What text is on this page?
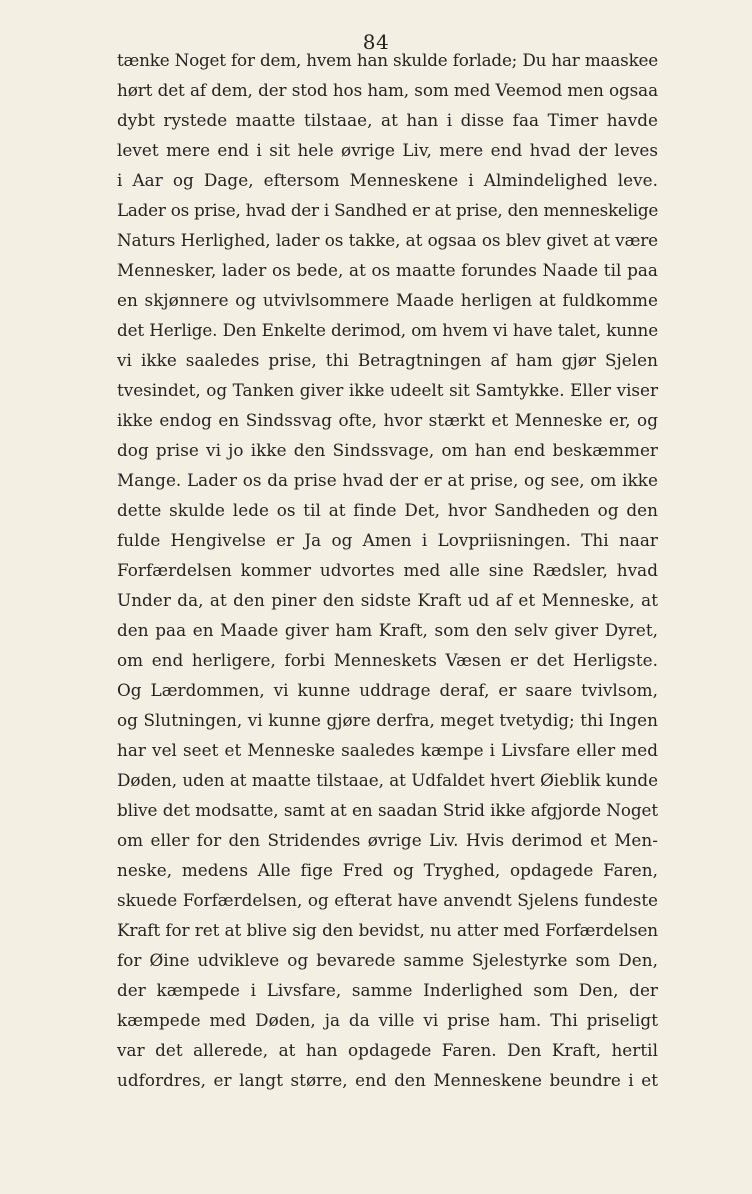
84
tænke Noget for dem, hvem han skulde forlade; Du har maaskee
hørt det af dem, der stod hos ham, som med Veemod men ogsaa
dybt rystede maatte tilstaae, at han i disse faa Timer havde
levet mere end i sit hele øvrige Liv, mere end hvad der leves
i Aar og Dage, eftersom Menneskene i Almindelighed leve.
Lader os prise, hvad der i Sandhed er at prise, den menneskelige
Naturs Herlighed, lader os takke, at ogsaa os blev givet at være
Mennesker, lader os bede, at os maatte forundes Naade til paa
en skjønnere og utvivlsommere Maade herligen at fuldkomme
det Herlige. Den Enkelte derimod, om hvem vi have talet, kunne
vi ikke saaledes prise, thi Betragtningen af ham gjør Sjelen
tvesindet, og Tanken giver ikke udeelt sit Samtykke. Eller viser
ikke endog en Sindssvag ofte, hvor stærkt et Menneske er, og
dog prise vi jo ikke den Sindssvage, om han end beskæmmer
Mange. Lader os da prise hvad der er at prise, og see, om ikke
dette skulde lede os til at finde Det, hvor Sandheden og den
fulde Hengivelse er Ja og Amen i Lovpriisningen. Thi naar
Forfærdelsen kommer udvortes med alle sine Rædsler, hvad
Under da, at den piner den sidste Kraft ud af et Menneske, at
den paa en Maade giver ham Kraft, som den selv giver Dyret,
om end herligere, forbi Menneskets Væsen er det Herligste.
Og Lærdommen, vi kunne uddrage deraf, er saare tvivlsom,
og Slutningen, vi kunne gjøre derfra, meget tvetydig; thi Ingen
har vel seet et Menneske saaledes kæmpe i Livsfare eller med
Døden, uden at maatte tilstaae, at Udfaldet hvert Øieblik kunde
blive det modsatte, samt at en saadan Strid ikke afgjorde Noget
om eller for den Stridendes øvrige Liv. Hvis derimod et Men-
neske, medens Alle fige Fred og Tryghed, opdagede Faren,
skuede Forfærdelsen, og efterat have anvendt Sjelens fundeste
Kraft for ret at blive sig den bevidst, nu atter med Forfærdelsen
for Øine udvikleve og bevarede samme Sjelestyrke som Den,
der kæmpede i Livsfare, samme Inderlighed som Den, der
kæmpede med Døden, ja da ville vi prise ham. Thi priseligt
var det allerede, at han opdagede Faren. Den Kraft, hertil
udfordres, er langt større, end den Menneskene beundre i et
